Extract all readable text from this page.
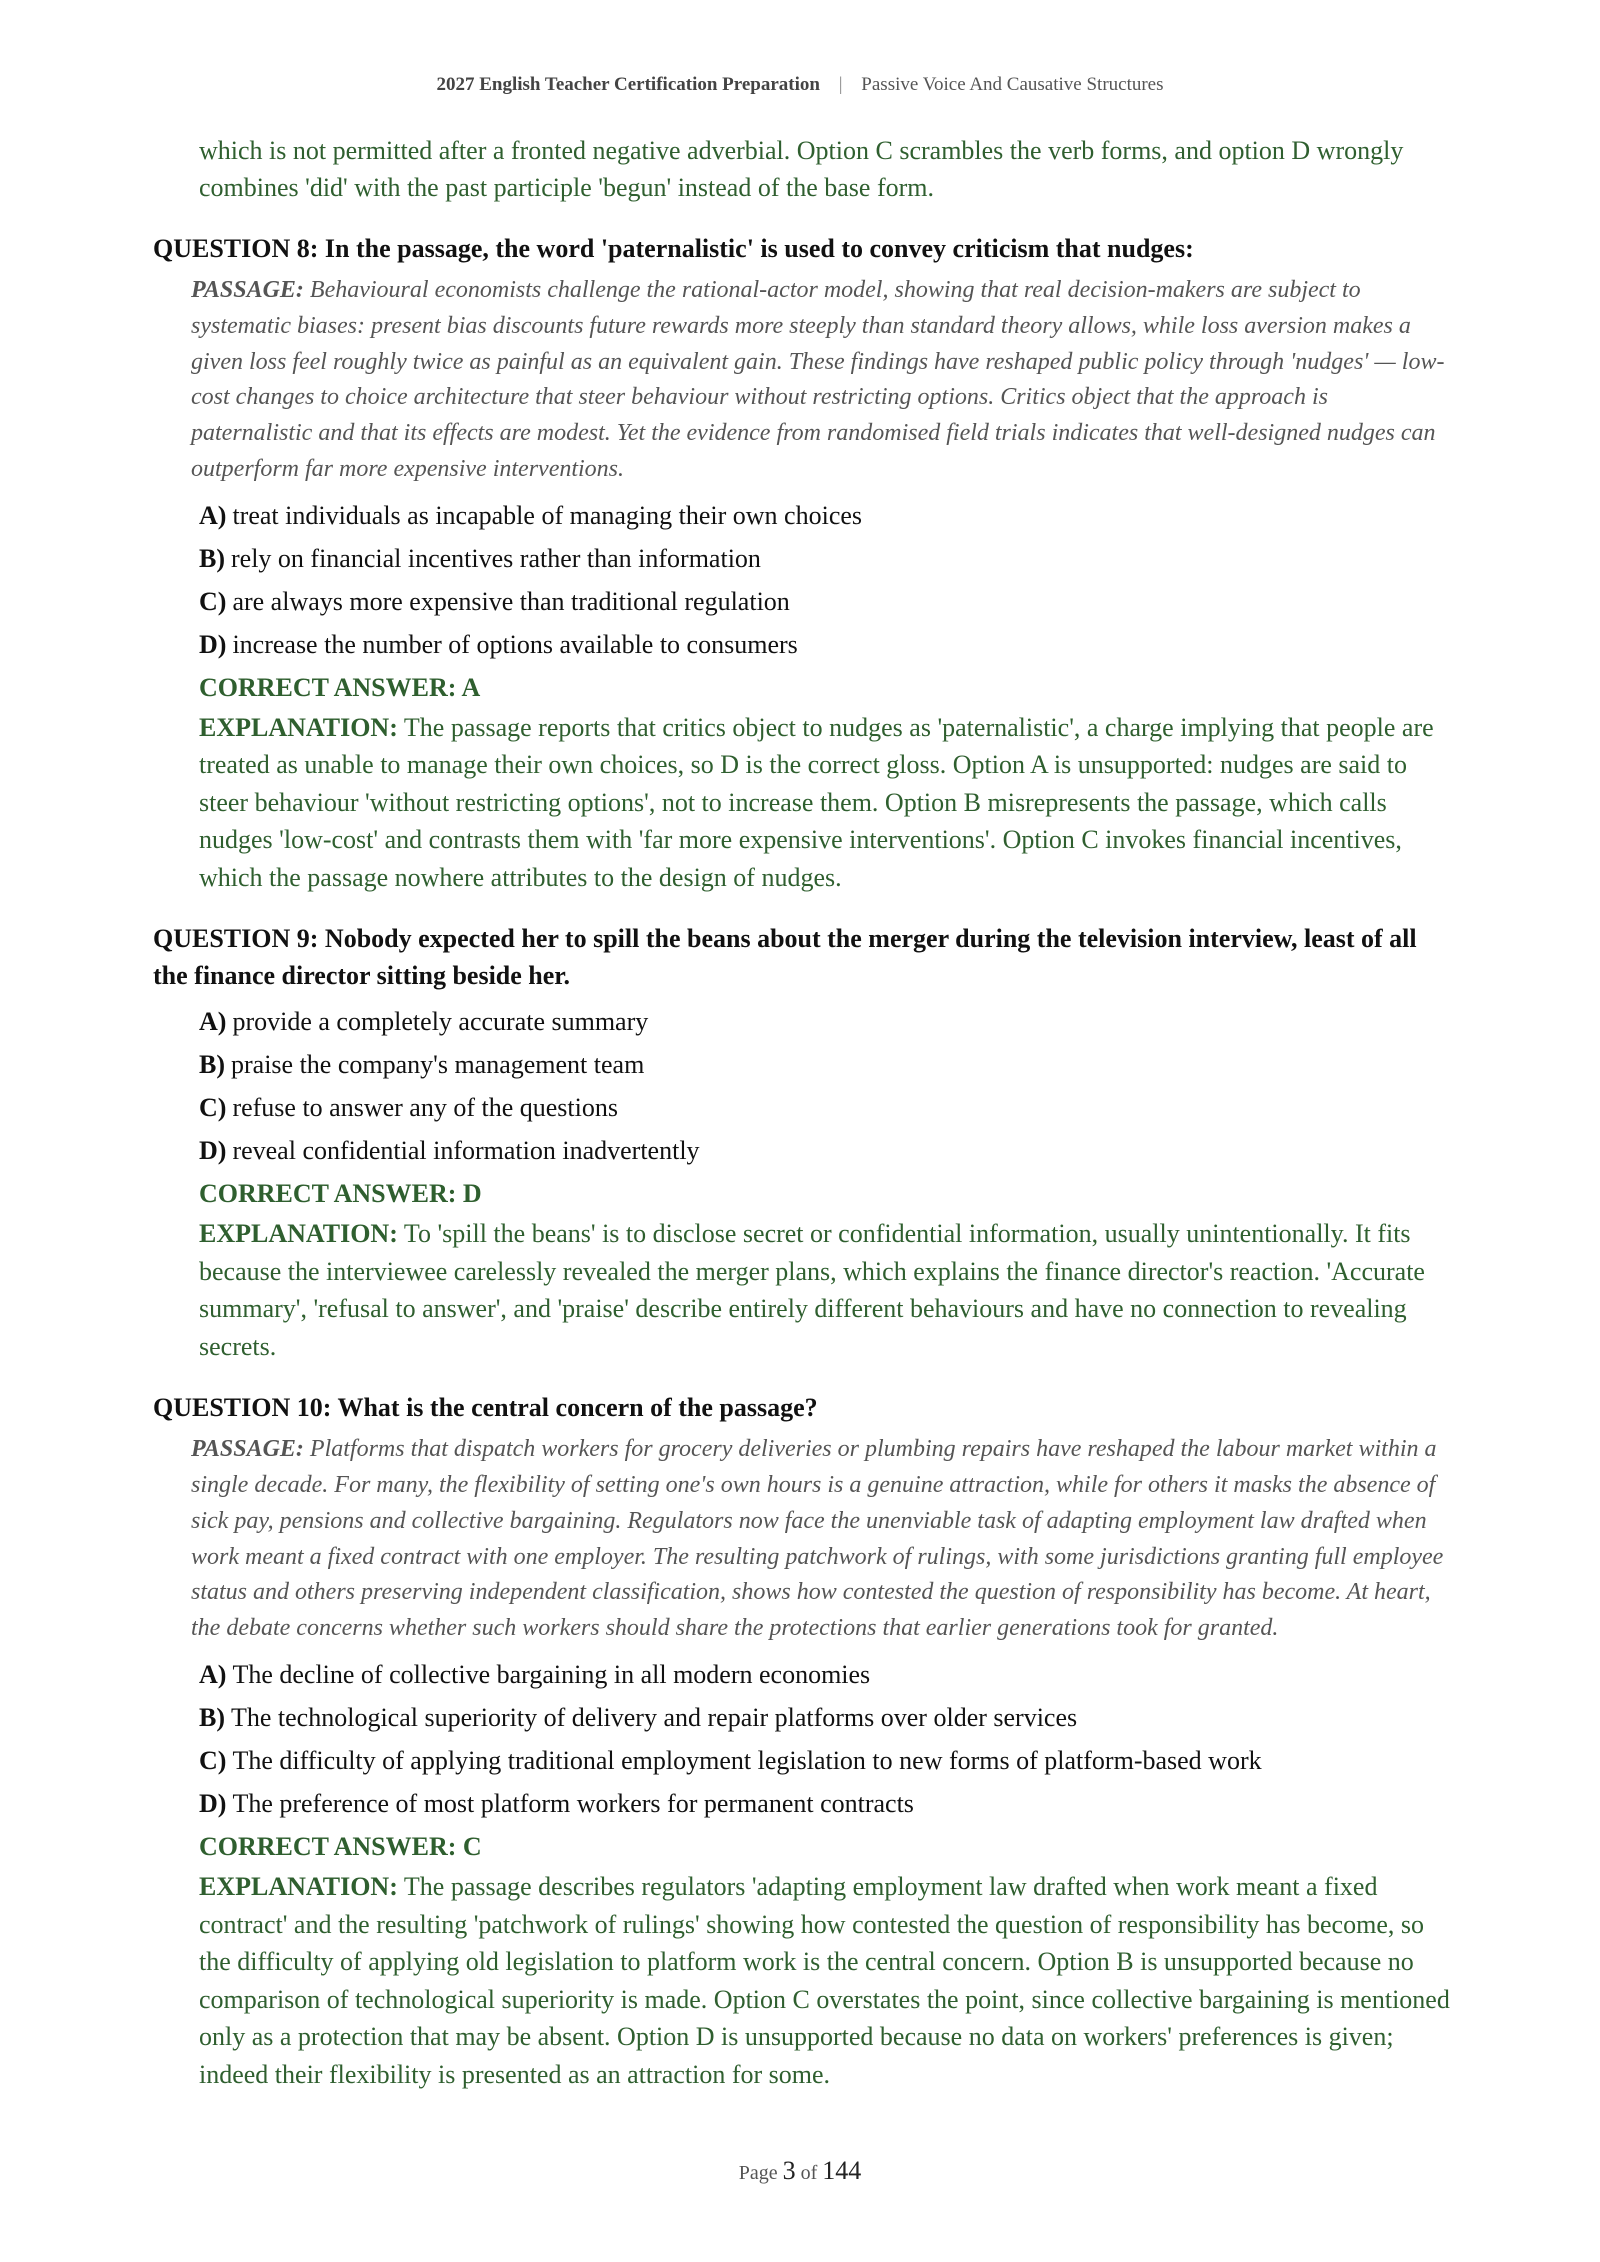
2027 English Teacher Certification Preparation | Passive Voice And Causative Structures

which is not permitted after a fronted negative adverbial. Option C scrambles the verb forms, and option D wrongly combines 'did' with the past participle 'begun' instead of the base form.

QUESTION 8: In the passage, the word 'paternalistic' is used to convey criticism that nudges:

PASSAGE: Behavioural economists challenge the rational-actor model, showing that real decision-makers are subject to systematic biases: present bias discounts future rewards more steeply than standard theory allows, while loss aversion makes a given loss feel roughly twice as painful as an equivalent gain. These findings have reshaped public policy through 'nudges' — low-cost changes to choice architecture that steer behaviour without restricting options. Critics object that the approach is paternalistic and that its effects are modest. Yet the evidence from randomised field trials indicates that well-designed nudges can outperform far more expensive interventions.

A) treat individuals as incapable of managing their own choices
B) rely on financial incentives rather than information
C) are always more expensive than traditional regulation
D) increase the number of options available to consumers
CORRECT ANSWER: A

EXPLANATION: The passage reports that critics object to nudges as 'paternalistic', a charge implying that people are treated as unable to manage their own choices, so D is the correct gloss. Option A is unsupported: nudges are said to steer behaviour 'without restricting options', not to increase them. Option B misrepresents the passage, which calls nudges 'low-cost' and contrasts them with 'far more expensive interventions'. Option C invokes financial incentives, which the passage nowhere attributes to the design of nudges.

QUESTION 9: Nobody expected her to spill the beans about the merger during the television interview, least of all the finance director sitting beside her.
A) provide a completely accurate summary
B) praise the company's management team
C) refuse to answer any of the questions
D) reveal confidential information inadvertently
CORRECT ANSWER: D

EXPLANATION: To 'spill the beans' is to disclose secret or confidential information, usually unintentionally. It fits because the interviewee carelessly revealed the merger plans, which explains the finance director's reaction. 'Accurate summary', 'refusal to answer', and 'praise' describe entirely different behaviours and have no connection to revealing secrets.

QUESTION 10: What is the central concern of the passage?

PASSAGE: Platforms that dispatch workers for grocery deliveries or plumbing repairs have reshaped the labour market within a single decade. For many, the flexibility of setting one's own hours is a genuine attraction, while for others it masks the absence of sick pay, pensions and collective bargaining. Regulators now face the unenviable task of adapting employment law drafted when work meant a fixed contract with one employer. The resulting patchwork of rulings, with some jurisdictions granting full employee status and others preserving independent classification, shows how contested the question of responsibility has become. At heart, the debate concerns whether such workers should share the protections that earlier generations took for granted.

A) The decline of collective bargaining in all modern economies
B) The technological superiority of delivery and repair platforms over older services
C) The difficulty of applying traditional employment legislation to new forms of platform-based work
D) The preference of most platform workers for permanent contracts
CORRECT ANSWER: C

EXPLANATION: The passage describes regulators 'adapting employment law drafted when work meant a fixed contract' and the resulting 'patchwork of rulings' showing how contested the question of responsibility has become, so the difficulty of applying old legislation to platform work is the central concern. Option B is unsupported because no comparison of technological superiority is made. Option C overstates the point, since collective bargaining is mentioned only as a protection that may be absent. Option D is unsupported because no data on workers' preferences is given; indeed their flexibility is presented as an attraction for some.

Page 3 of 144
